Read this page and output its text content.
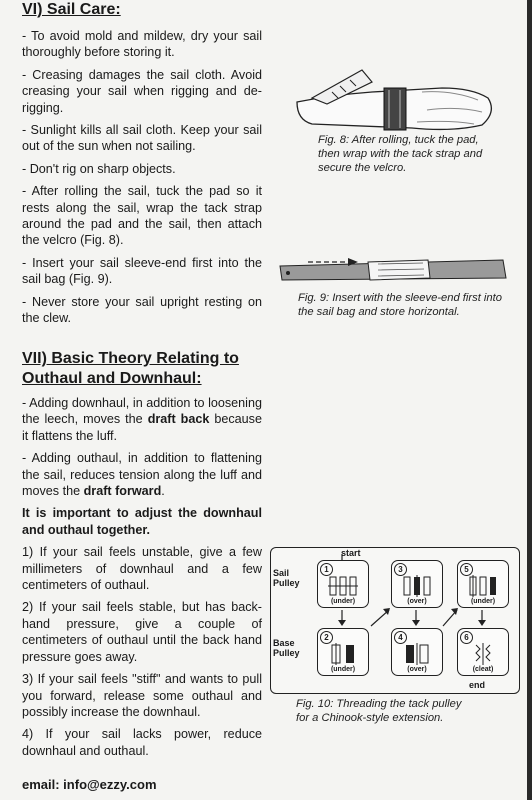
VI) Sail Care:

- To avoid mold and mildew, dry your sail thoroughly before storing it.

- Creasing damages the sail cloth. Avoid creasing your sail when rigging and de-rigging.

- Sunlight kills all sail cloth. Keep your sail out of the sun when not sailing.

- Don't rig on sharp objects.

- After rolling the sail, tuck the pad so it rests along the sail, wrap the tack strap around the pad and the sail, then attach the velcro (Fig. 8).

- Insert your sail sleeve-end first into the sail bag (Fig. 9).

- Never store your sail upright resting on the clew.

VII) Basic Theory Relating to

Outhaul and Downhaul:

- Adding downhaul, in addition to loosening the leech, moves the draft back because it flattens the luff.

- Adding outhaul, in addition to flattening the sail, reduces tension along the luff and moves the draft forward.

It is important to adjust the downhaul and outhaul together.

1) If your sail feels unstable, give a few millimeters of downhaul and a few centimeters of outhaul.

2) If your sail feels stable, but has back-hand pressure, give a couple of centimeters of outhaul until the back hand pressure goes away.

3) If your sail feels "stiff" and wants to pull you forward, release some outhaul and possibly increase the downhaul.

4) If your sail lacks power, reduce downhaul and outhaul.

email: info@ezzy.com
Fig. 8: After rolling, tuck the pad, then wrap with the tack strap and secure the velcro.
Fig. 9: Insert with the sleeve-end first into the sail bag and store horizontal.
start
end
Sail Pulley
Base Pulley
1
(under)
3
(over)
5
(under)
2
(under)
4
(over)
6
(cleat)
Fig. 10: Threading the tack pulley
for a Chinook-style extension.
